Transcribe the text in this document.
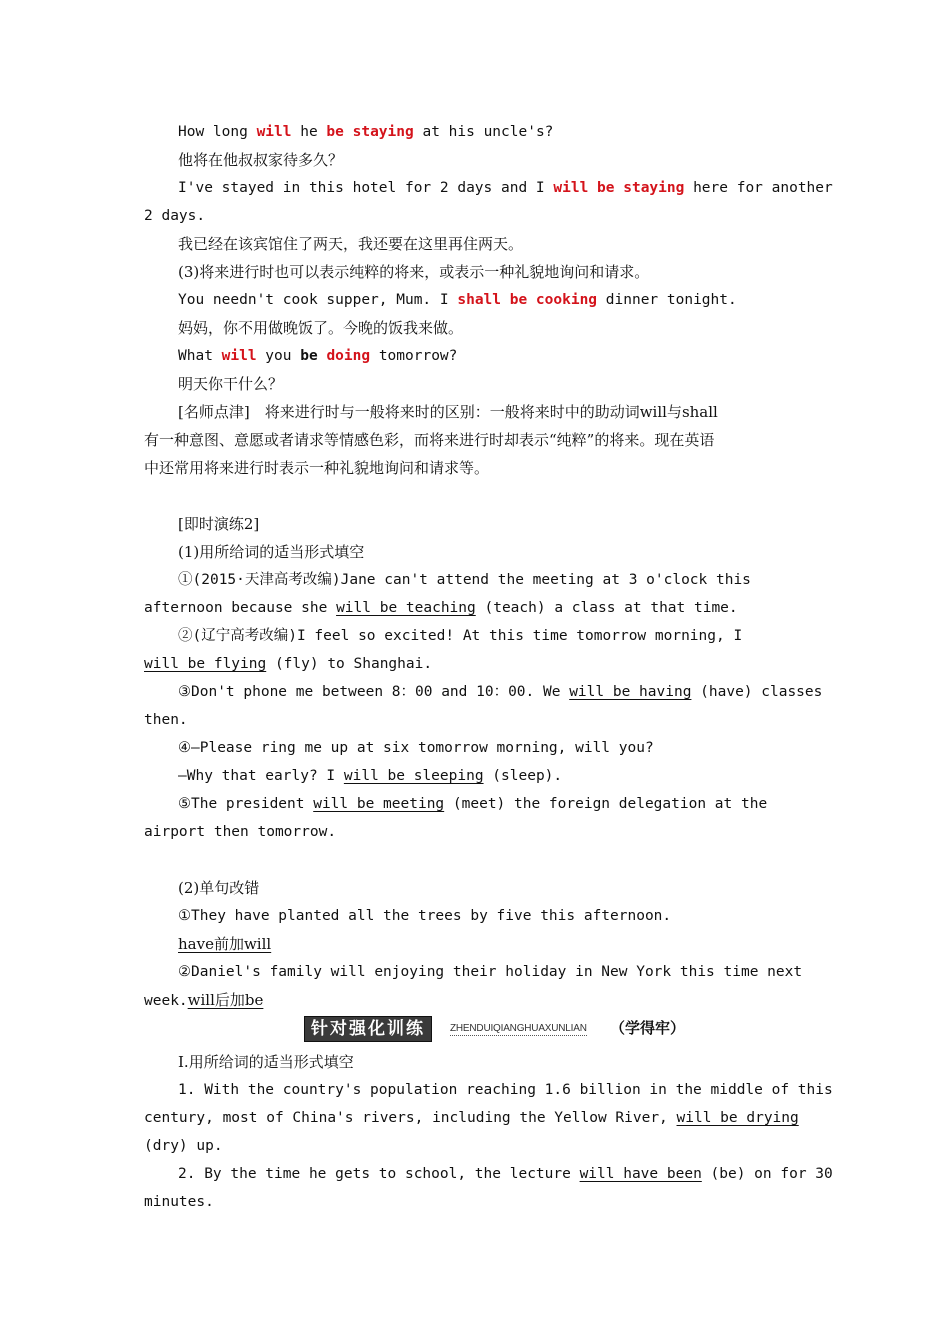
How long will he be staying at his uncle's?
他将在他叔叔家待多久？
I've stayed in this hotel for 2 days and I will be staying here for another
2 days.
我已经在该宾馆住了两天，我还要在这里再住两天。
(3)将来进行时也可以表示纯粹的将来，或表示一种礼貌地询问和请求。
You needn't cook supper, Mum. I shall be cooking dinner tonight.
妈妈，你不用做晚饭了。今晚的饭我来做。
What will you be doing tomorrow?
明天你干什么？
[名师点津]　将来进行时与一般将来时的区别：一般将来时中的助动词will与shall
有一种意图、意愿或者请求等情感色彩，而将来进行时却表示“纯粹”的将来。现在英语
中还常用将来进行时表示一种礼貌地询问和请求等。
[即时演练2]
(1)用所给词的适当形式填空
①(2015·天津高考改编)Jane can't attend the meeting at 3 o'clock this
afternoon because she will be teaching (teach) a class at that time.
②(辽宁高考改编)I feel so excited! At this time tomorrow morning, I
will be flying (fly) to Shanghai.
③Don't phone me between 8：00 and 10：00. We will be having (have) classes
then.
④—Please ring me up at six tomorrow morning, will you?
—Why that early? I will be sleeping (sleep).
⑤The president will be meeting (meet) the foreign delegation at the
airport then tomorrow.
(2)单句改错
①They have planted all the trees by five this afternoon.
have前加will
②Daniel's family will enjoying their holiday in New York this time next
week.will后加be
Ⅰ.用所给词的适当形式填空
1. With the country's population reaching 1.6 billion in the middle of this
century, most of China's rivers, including the Yellow River, will be drying
(dry) up.
2. By the time he gets to school, the lecture will have been (be) on for 30
minutes.
针对强化训练	ZHENDUIQIANGHUAXUNLIAN （学得牢）
